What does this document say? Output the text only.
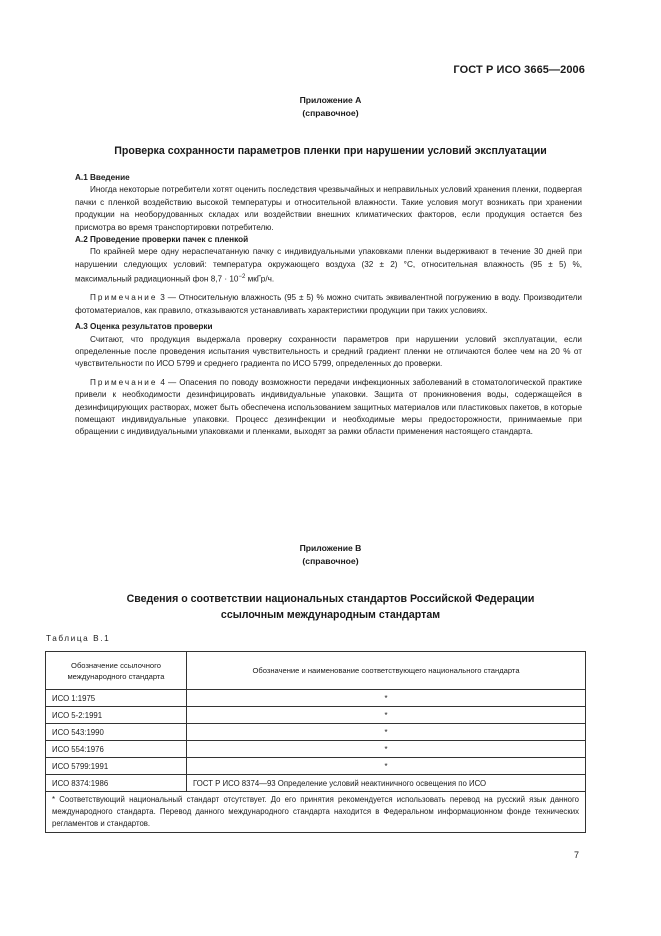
ГОСТ Р ИСО 3665—2006
Приложение А
(справочное)
Проверка сохранности параметров пленки при нарушении условий эксплуатации

А.1 Введение

Иногда некоторые потребители хотят оценить последствия чрезвычайных и неправильных условий хранения пленки, подвергая пачки с пленкой воздействию высокой температуры и относительной влажности. Такие условия могут возникать при хранении продукции на необорудованных складах или воздействии внешних климатических факторов, если продукция остается без присмотра во время транспортировки потребителю.

А.2 Проведение проверки пачек с пленкой

По крайней мере одну нераспечатанную пачку с индивидуальными упаковками пленки выдерживают в течение 30 дней при нарушении следующих условий: температура окружающего воздуха (32 ± 2) °С, относительная влажность (95 ± 5) %, максимальный радиационный фон $8,7 \cdot 10^{-2}$ мкГр/ч.

Примечание 3 — Относительную влажность (95 ± 5) % можно считать эквивалентной погружению в воду. Производители фотоматериалов, как правило, отказываются устанавливать характеристики продукции при таких условиях.

А.3 Оценка результатов проверки

Считают, что продукция выдержала проверку сохранности параметров при нарушении условий эксплуатации, если определенные после проведения испытания чувствительность и средний градиент пленки не отличаются более чем на 20 % от чувствительности по ИСО 5799 и среднего градиента по ИСО 5799, определенных до проверки.

Примечание 4 — Опасения по поводу возможности передачи инфекционных заболеваний в стоматологической практике привели к необходимости дезинфицировать индивидуальные упаковки. Защита от проникновения воды, содержащейся в дезинфицирующих растворах, может быть обеспечена использованием защитных материалов или пластиковых пакетов, в которые помещают индивидуальные упаковки. Процесс дезинфекции и необходимые меры предосторожности, принимаемые при обращении с индивидуальными упаковками и пленками, выходят за рамки области применения настоящего стандарта.

Приложение В
(справочное)
Сведения о соответствии национальных стандартов Российской Федерации
ссылочным международным стандартам
Таблица В.1
Обозначение ссылочного международного стандарта	Обозначение и наименование соответствующего национального стандарта
ИСО 1:1975	*
ИСО 5-2:1991	*
ИСО 543:1990	*
ИСО 554:1976	*
ИСО 5799:1991	*
ИСО 8374:1986	ГОСТ Р ИСО 8374—93 Определение условий неактиничного освещения по ИСО
* Соответствующий национальный стандарт отсутствует. До его принятия рекомендуется использовать перевод на русский язык данного международного стандарта. Перевод данного международного стандарта находится в Федеральном информационном фонде технических регламентов и стандартов.	
7
